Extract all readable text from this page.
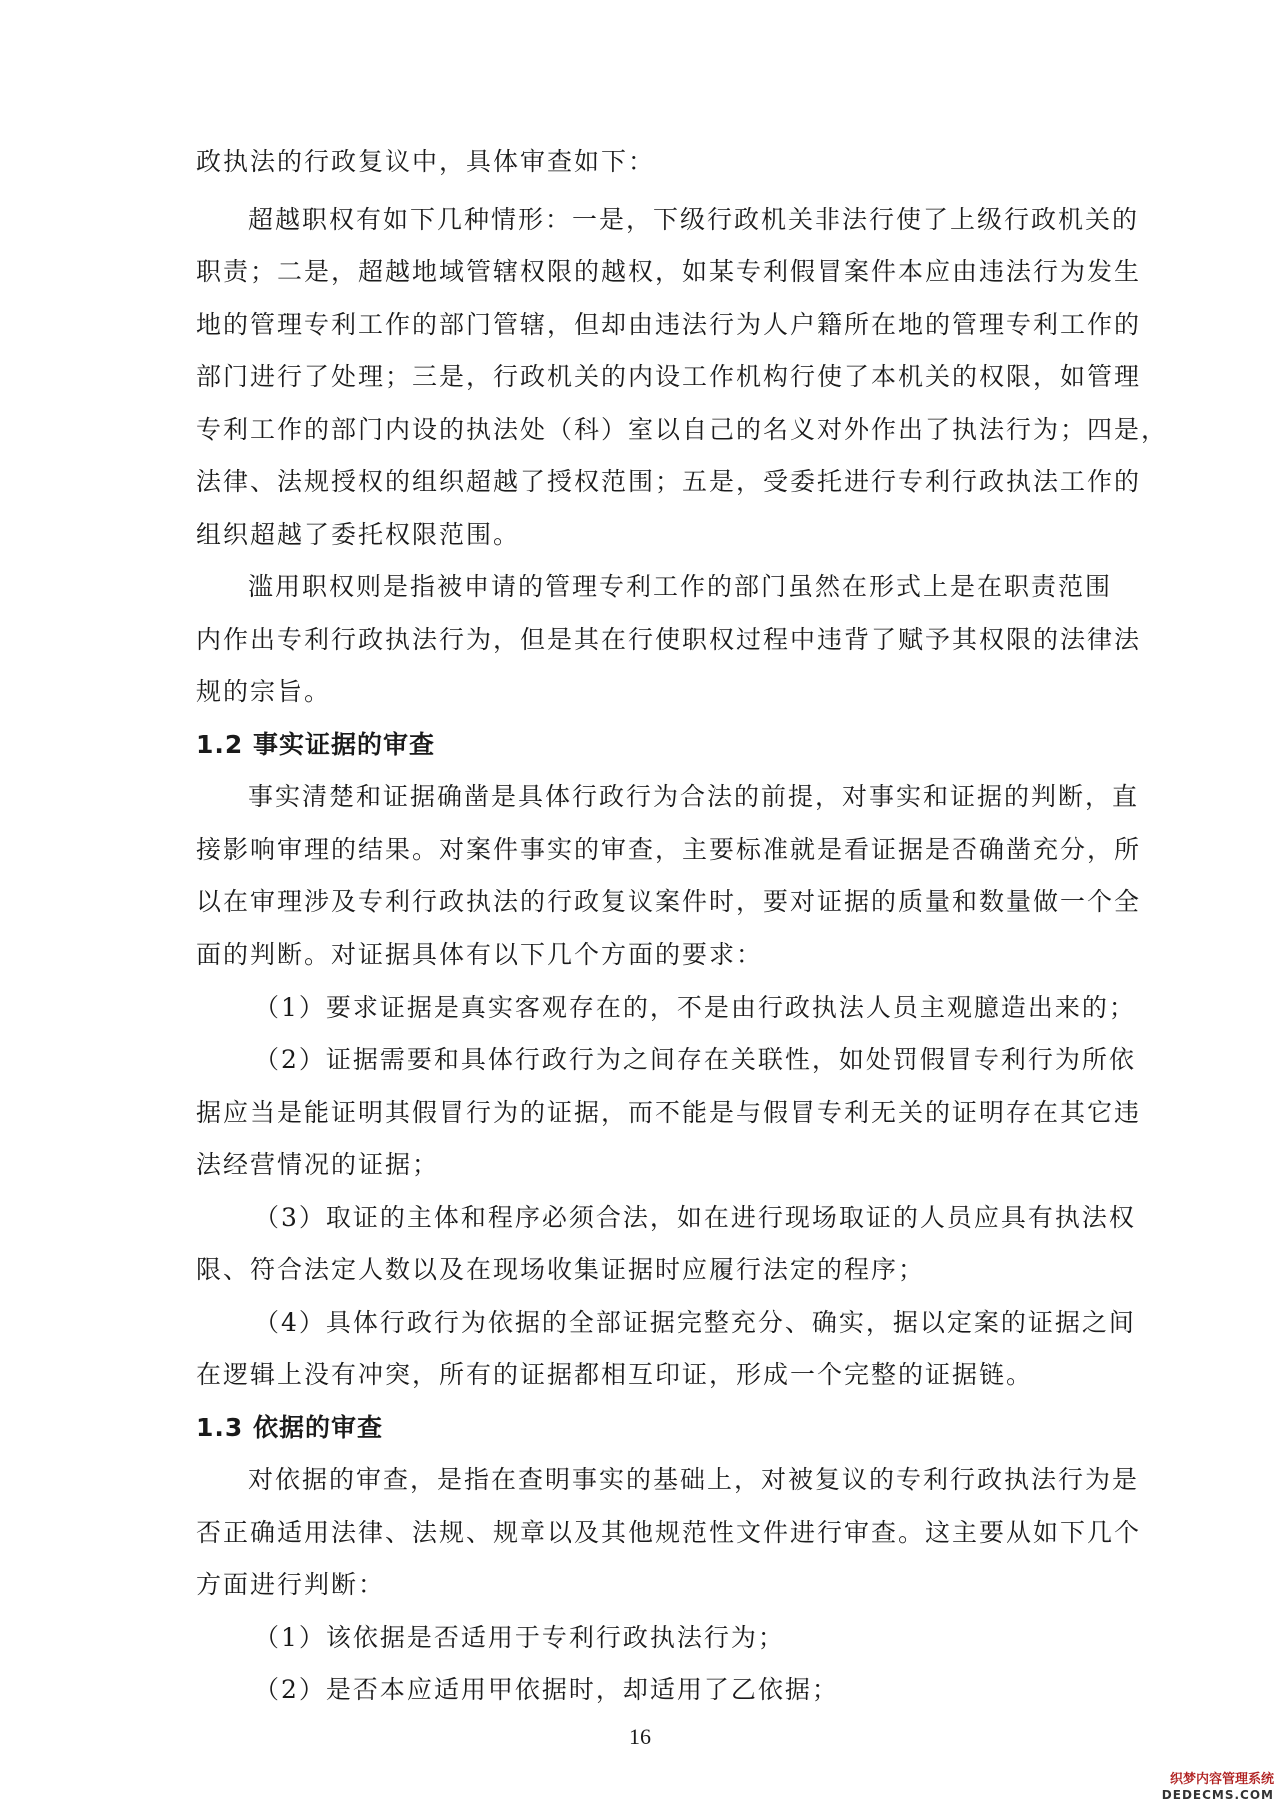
政执法的行政复议中，具体审查如下：
超越职权有如下几种情形：一是，下级行政机关非法行使了上级行政机关的
职责；二是，超越地域管辖权限的越权，如某专利假冒案件本应由违法行为发生
地的管理专利工作的部门管辖，但却由违法行为人户籍所在地的管理专利工作的
部门进行了处理；三是，行政机关的内设工作机构行使了本机关的权限，如管理
专利工作的部门内设的执法处（科）室以自己的名义对外作出了执法行为；四是，
法律、法规授权的组织超越了授权范围；五是，受委托进行专利行政执法工作的
组织超越了委托权限范围。
滥用职权则是指被申请的管理专利工作的部门虽然在形式上是在职责范围
内作出专利行政执法行为，但是其在行使职权过程中违背了赋予其权限的法律法
规的宗旨。
1.2 事实证据的审查
事实清楚和证据确凿是具体行政行为合法的前提，对事实和证据的判断，直
接影响审理的结果。对案件事实的审查，主要标准就是看证据是否确凿充分，所
以在审理涉及专利行政执法的行政复议案件时，要对证据的质量和数量做一个全
面的判断。对证据具体有以下几个方面的要求：
（1）要求证据是真实客观存在的，不是由行政执法人员主观臆造出来的；
（2）证据需要和具体行政行为之间存在关联性，如处罚假冒专利行为所依
据应当是能证明其假冒行为的证据，而不能是与假冒专利无关的证明存在其它违
法经营情况的证据；
（3）取证的主体和程序必须合法，如在进行现场取证的人员应具有执法权
限、符合法定人数以及在现场收集证据时应履行法定的程序；
（4）具体行政行为依据的全部证据完整充分、确实，据以定案的证据之间
在逻辑上没有冲突，所有的证据都相互印证，形成一个完整的证据链。
1.3 依据的审查
对依据的审查，是指在查明事实的基础上，对被复议的专利行政执法行为是
否正确适用法律、法规、规章以及其他规范性文件进行审查。这主要从如下几个
方面进行判断：
（1）该依据是否适用于专利行政执法行为；
（2）是否本应适用甲依据时，却适用了乙依据；
16
织梦内容管理系统
DEDECMS.COM
